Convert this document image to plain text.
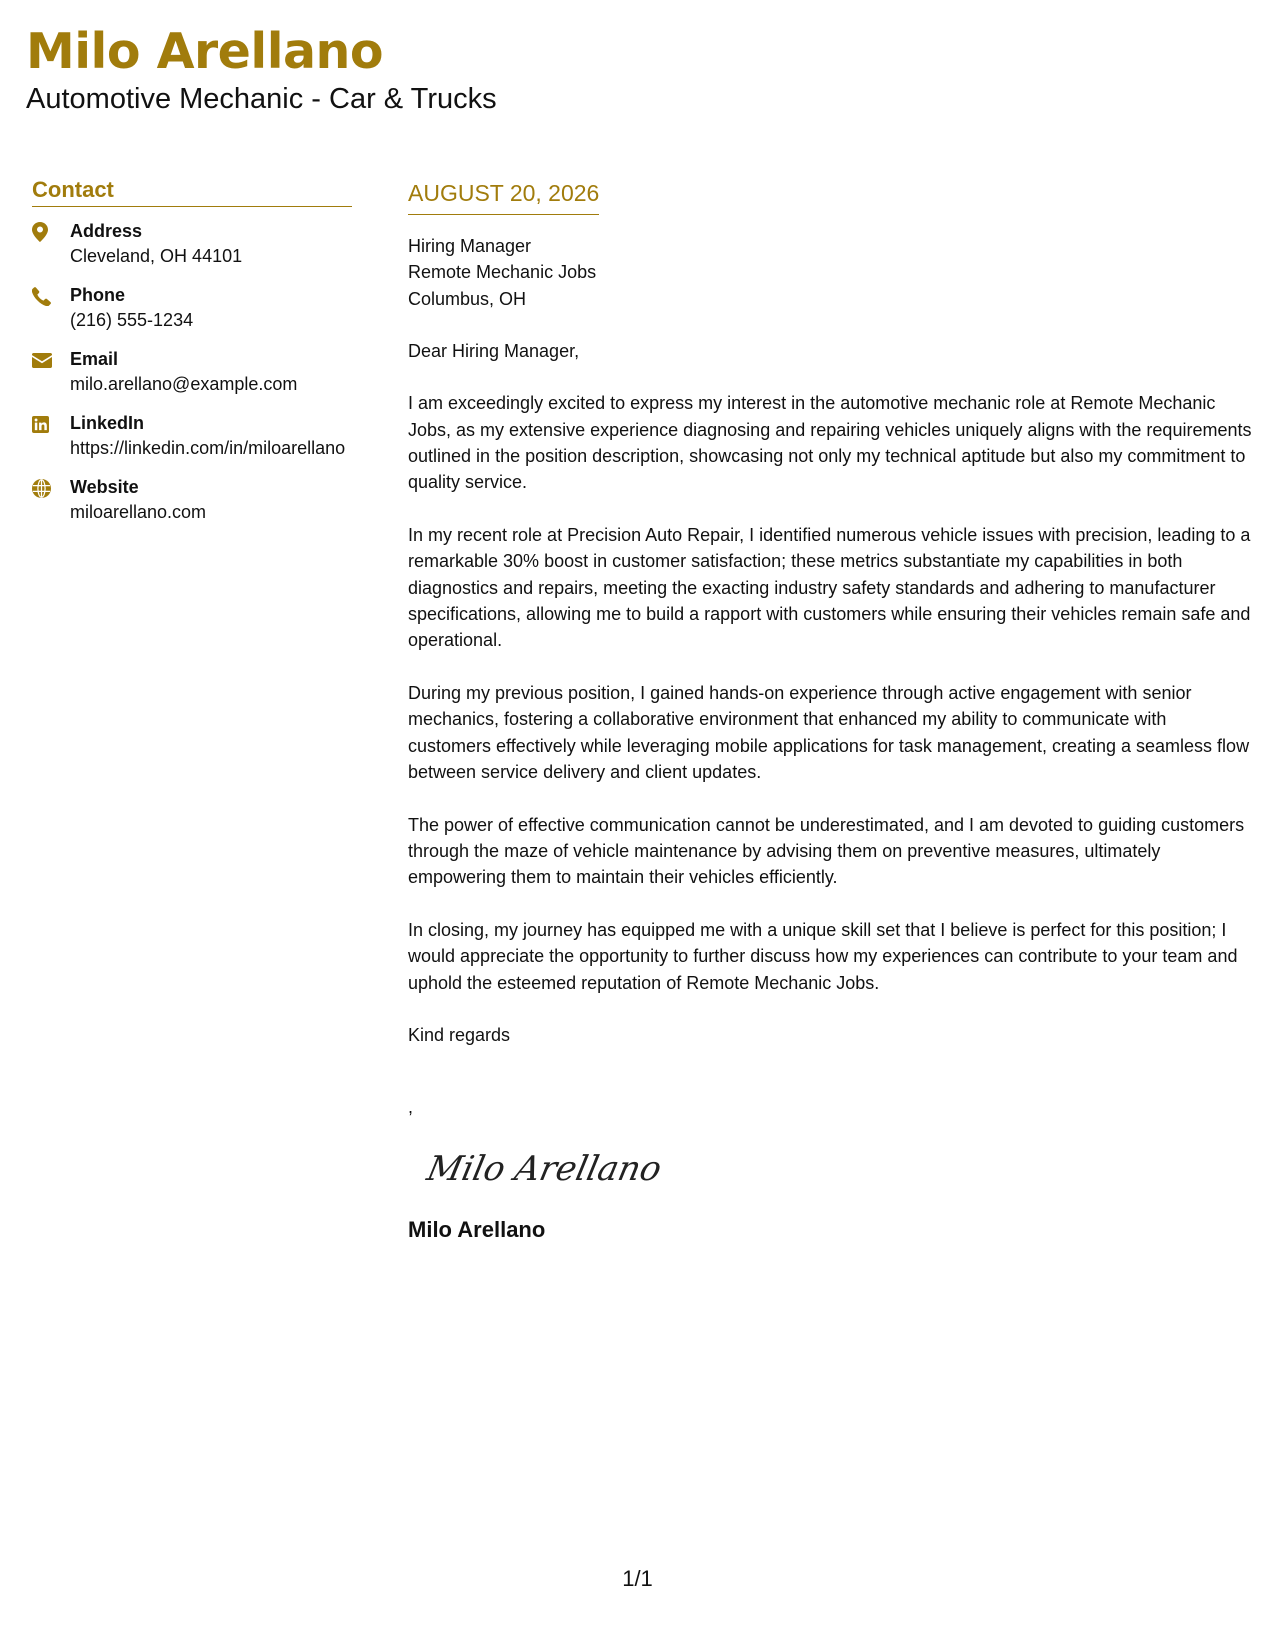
Milo Arellano

Automotive Mechanic - Car & Trucks

Contact
Address
Cleveland, OH 44101
Phone
(216) 555-1234
Email
milo.arellano@example.com
LinkedIn
https://linkedin.com/in/miloarellano
Website
miloarellano.com
AUGUST 20, 2026
Hiring Manager
Remote Mechanic Jobs
Columbus, OH
Dear Hiring Manager,

I am exceedingly excited to express my interest in the automotive mechanic role at Remote Mechanic Jobs, as my extensive experience diagnosing and repairing vehicles uniquely aligns with the requirements outlined in the position description, showcasing not only my technical aptitude but also my commitment to quality service.

In my recent role at Precision Auto Repair, I identified numerous vehicle issues with precision, leading to a remarkable 30% boost in customer satisfaction; these metrics substantiate my capabilities in both diagnostics and repairs, meeting the exacting industry safety standards and adhering to manufacturer specifications, allowing me to build a rapport with customers while ensuring their vehicles remain safe and operational.

During my previous position, I gained hands-on experience through active engagement with senior mechanics, fostering a collaborative environment that enhanced my ability to communicate with customers effectively while leveraging mobile applications for task management, creating a seamless flow between service delivery and client updates.

The power of effective communication cannot be underestimated, and I am devoted to guiding customers through the maze of vehicle maintenance by advising them on preventive measures, ultimately empowering them to maintain their vehicles efficiently.

In closing, my journey has equipped me with a unique skill set that I believe is perfect for this position; I would appreciate the opportunity to further discuss how my experiences can contribute to your team and uphold the esteemed reputation of Remote Mechanic Jobs.

Kind regards
,
Milo Arellano
Milo Arellano
1/1
